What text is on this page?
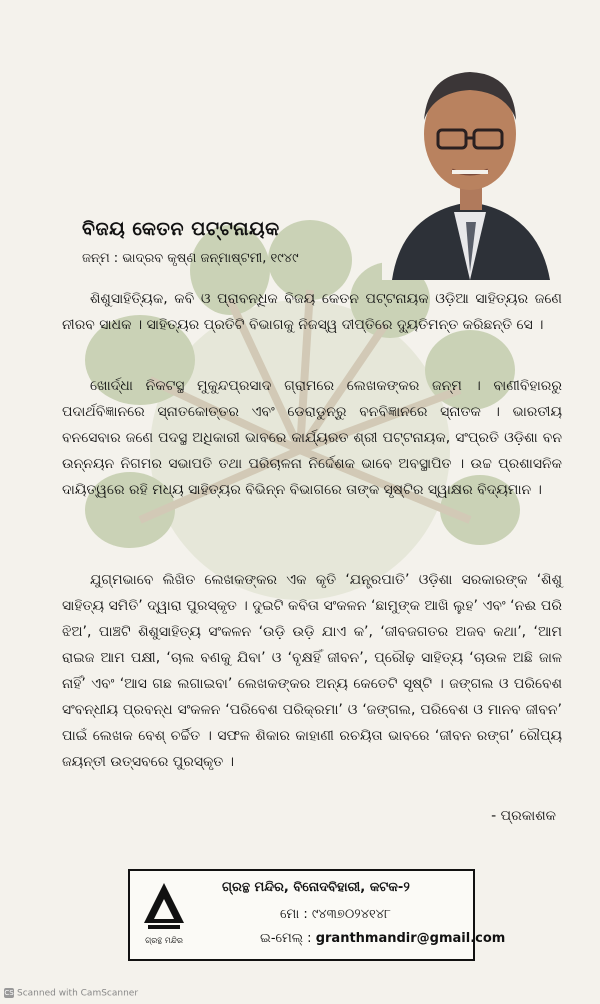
ବିଜୟ କେତନ ପଟ୍ଟନାୟକ
ଜନ୍ମ : ଭାଦ୍ରବ କୃଷ୍ଣ ଜନ୍ମାଷ୍ଟମୀ, ୧୯୪୯

ଶିଶୁସାହିତ୍ୟିକ, କବି ଓ ପ୍ରାବନ୍ଧିକ ବିଜୟ କେତନ ପଟ୍ଟନାୟକ ଓଡ଼ିଆ ସାହିତ୍ୟର ଜଣେ ନୀରବ ସାଧକ । ସାହିତ୍ୟର ପ୍ରତିଟି ବିଭାଗକୁ ନିଜସ୍ୱ ଦୀପ୍ତିରେ ଦ୍ୟୁତିମନ୍ତ କରିଛନ୍ତି ସେ ।

ଖୋର୍ଦ୍ଧା ନିକଟସ୍ଥ ମୁକୁନ୍ଦପ୍ରସାଦ ଗ୍ରାମରେ ଲେଖକଙ୍କର ଜନ୍ମ । ବାଣୀବିହାରରୁ ପଦାର୍ଥବିଜ୍ଞାନରେ ସ୍ନାତକୋତ୍ତର ଏବଂ ଡେରାଡୁନ୍‌ରୁ ବନବିଜ୍ଞାନରେ ସ୍ନାତକ । ଭାରତୀୟ ବନସେବାର ଜଣେ ପଦସ୍ଥ ଅଧିକାରୀ ଭାବରେ କାର୍ଯ୍ୟରତ ଶ୍ରୀ ପଟ୍ଟନାୟକ, ସଂପ୍ରତି ଓଡ଼ିଶା ବନ ଉନ୍ନୟନ ନିଗମର ସଭାପତି ତଥା ପରିଚାଳନା ନିର୍ଦ୍ଦେଶକ ଭାବେ ଅବସ୍ଥାପିତ । ଉଚ୍ଚ ପ୍ରଶାସନିକ ଦାୟିତ୍ୱରେ ରହି ମଧ୍ୟ ସାହିତ୍ୟର ବିଭିନ୍ନ ବିଭାଗରେ ତାଙ୍କ ସୃଷ୍ଟିର ସ୍ୱାକ୍ଷର ବିଦ୍ୟମାନ ।

ଯୁଗ୍ମଭାବେ ଲିଖିତ ଲେଖକଙ୍କର ଏକ କୃତି ‘ଯନ୍ତ୍ରପାତି’ ଓଡ଼ିଶା ସରକାରଙ୍କ ‘ଶିଶୁ ସାହିତ୍ୟ ସମିତି’ ଦ୍ୱାରା ପୁରସ୍କୃତ । ଦୁଇଟି କବିତା ସଂକଳନ ‘ଛାମୁଙ୍କ ଆଖି ଲୁହ’ ଏବଂ ‘ନଈ ପରି ଝିଅ’, ପାଞ୍ଚଟି ଶିଶୁସାହିତ୍ୟ ସଂକଳନ ‘ଉଡ଼ି ଉଡ଼ି ଯାଏ କ’, ‘ଜୀବଜଗତର ଅଜବ କଥା’, ‘ଆମ ରାଇଜ ଆମ ପକ୍ଷୀ, ‘ଚାଲ ବଣକୁ ଯିବା’ ଓ ‘ବୃକ୍ଷହିଁ ଜୀବନ’, ପ୍ରୌଢ଼ ସାହିତ୍ୟ ‘ଚାଉଳ ଅଛି ଜାଳ ନାହିଁ’ ଏବଂ ‘ଆସ ଗଛ ଲଗାଇବା’ ଲେଖକଙ୍କର ଅନ୍ୟ କେତେଟି ସୃଷ୍ଟି । ଜଙ୍ଗଲ ଓ ପରିବେଶ ସଂବନ୍ଧୀୟ ପ୍ରବନ୍ଧ ସଂକଳନ ‘ପରିବେଶ ପରିକ୍ରମା’ ଓ ‘ଜଙ୍ଗଲ, ପରିବେଶ ଓ ମାନବ ଜୀବନ’ ପାଇଁ ଲେଖକ ବେଶ୍ ଚର୍ଚ୍ଚିତ । ସଫଳ ଶିକାର କାହାଣୀ ରଚୟିତା ଭାବରେ ‘ଜୀବନ ରଙ୍ଗ’ ରୌପ୍ୟ ଜୟନ୍ତୀ ଉତ୍ସବରେ ପୁରସ୍କୃତ ।

- ପ୍ରକାଶକ
ଗ୍ରନ୍ଥ ମନ୍ଦିର
ଗ୍ରନ୍ଥ ମନ୍ଦିର, ବିନୋଦବିହାରୀ, କଟକ-୨
ମୋ : ୯୪୩୭୦୨୪୧୪୮
ଇ-ମେଲ୍ : granthmandir@gmail.com
CS Scanned with CamScanner
